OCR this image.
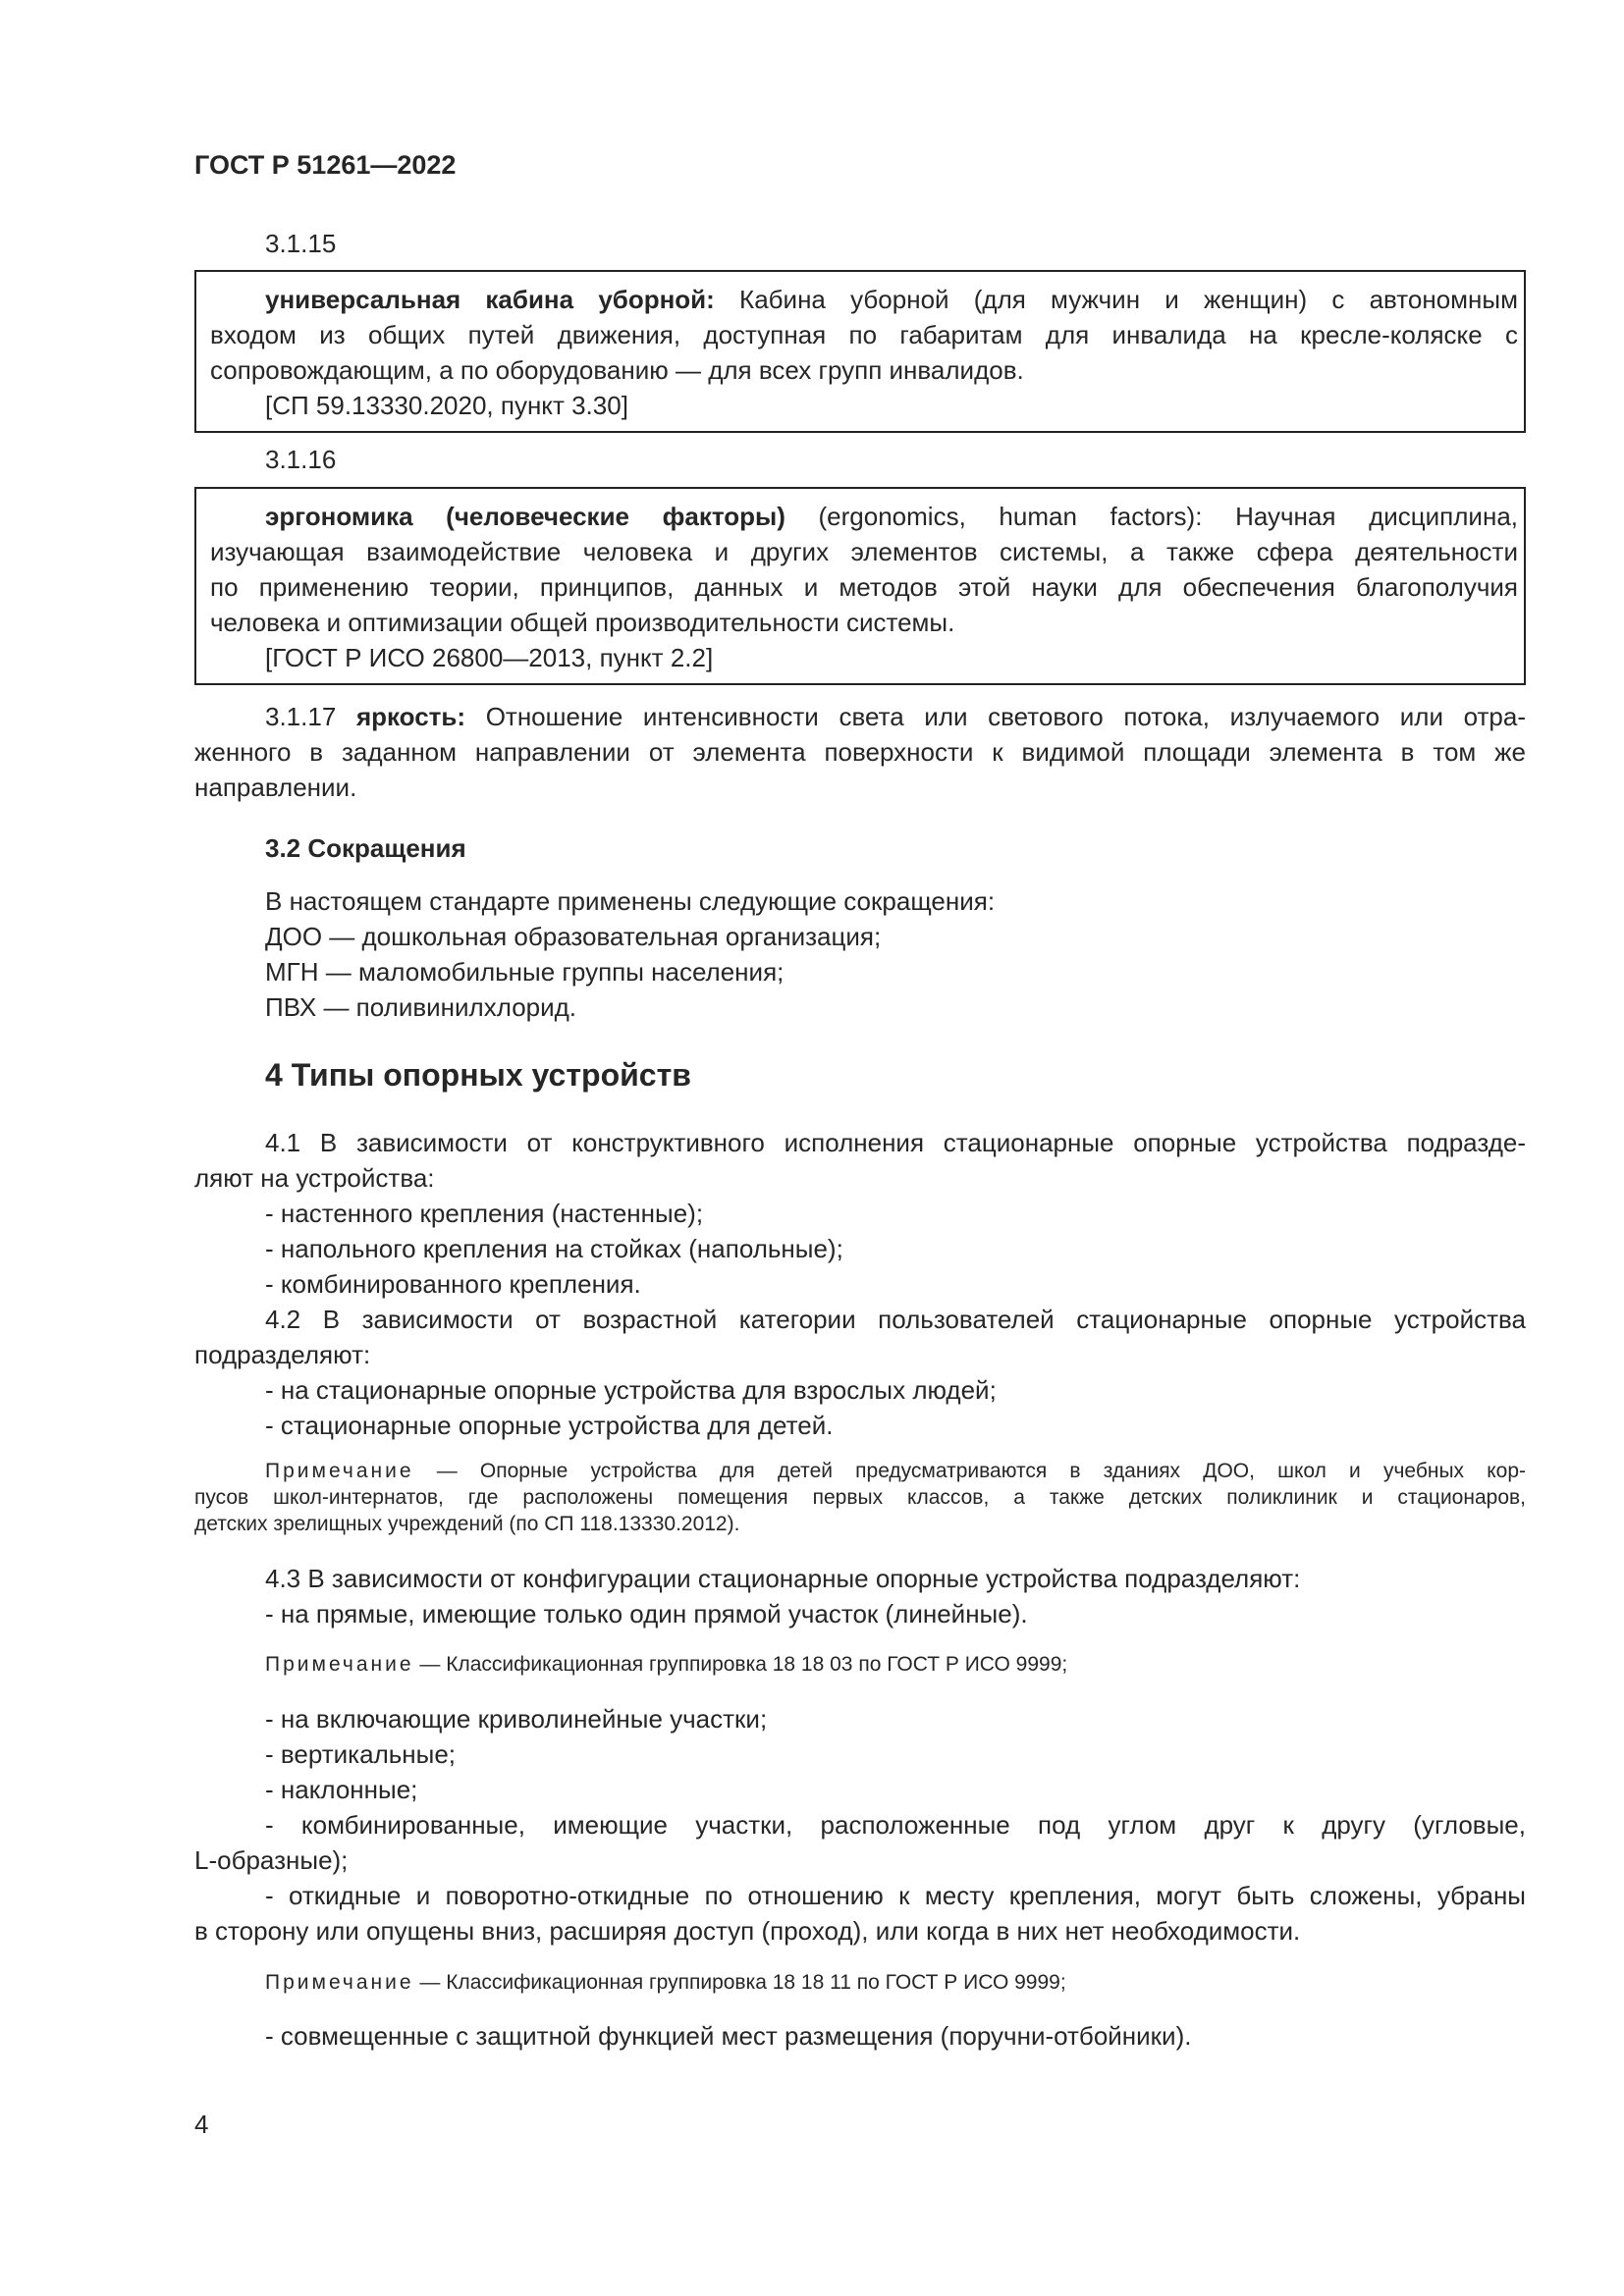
ГОСТ Р 51261—2022
3.1.15
универсальная кабина уборной: Кабина уборной (для мужчин и женщин) с автономным
входом из общих путей движения, доступная по габаритам для инвалида на кресле-коляске с
сопровождающим, а по оборудованию — для всех групп инвалидов.
[СП 59.13330.2020, пункт 3.30]
3.1.16
эргономика (человеческие факторы) (ergonomics, human factors): Научная дисциплина,
изучающая взаимодействие человека и других элементов системы, а также сфера деятельности
по применению теории, принципов, данных и методов этой науки для обеспечения благополучия
человека и оптимизации общей производительности системы.
[ГОСТ Р ИСО 26800—2013, пункт 2.2]
3.1.17 яркость: Отношение интенсивности света или светового потока, излучаемого или отра-
женного в заданном направлении от элемента поверхности к видимой площади элемента в том же
направлении.
3.2 Сокращения
В настоящем стандарте применены следующие сокращения:
ДОО — дошкольная образовательная организация;
МГН — маломобильные группы населения;
ПВХ — поливинилхлорид.
4 Типы опорных устройств
4.1 В зависимости от конструктивного исполнения стационарные опорные устройства подразде-
ляют на устройства:
- настенного крепления (настенные);
- напольного крепления на стойках (напольные);
- комбинированного крепления.
4.2 В зависимости от возрастной категории пользователей стационарные опорные устройства
подразделяют:
- на стационарные опорные устройства для взрослых людей;
- стационарные опорные устройства для детей.
Примечание — Опорные устройства для детей предусматриваются в зданиях ДОО, школ и учебных кор-
пусов школ-интернатов, где расположены помещения первых классов, а также детских поликлиник и стационаров,
детских зрелищных учреждений (по СП 118.13330.2012).
4.3 В зависимости от конфигурации стационарные опорные устройства подразделяют:
- на прямые, имеющие только один прямой участок (линейные).
Примечание — Классификационная группировка 18 18 03 по ГОСТ Р ИСО 9999;
- на включающие криволинейные участки;
- вертикальные;
- наклонные;
- комбинированные, имеющие участки, расположенные под углом друг к другу (угловые,
L-образные);
- откидные и поворотно-откидные по отношению к месту крепления, могут быть сложены, убраны
в сторону или опущены вниз, расширяя доступ (проход), или когда в них нет необходимости.
Примечание — Классификационная группировка 18 18 11 по ГОСТ Р ИСО 9999;
- совмещенные с защитной функцией мест размещения (поручни-отбойники).
4
